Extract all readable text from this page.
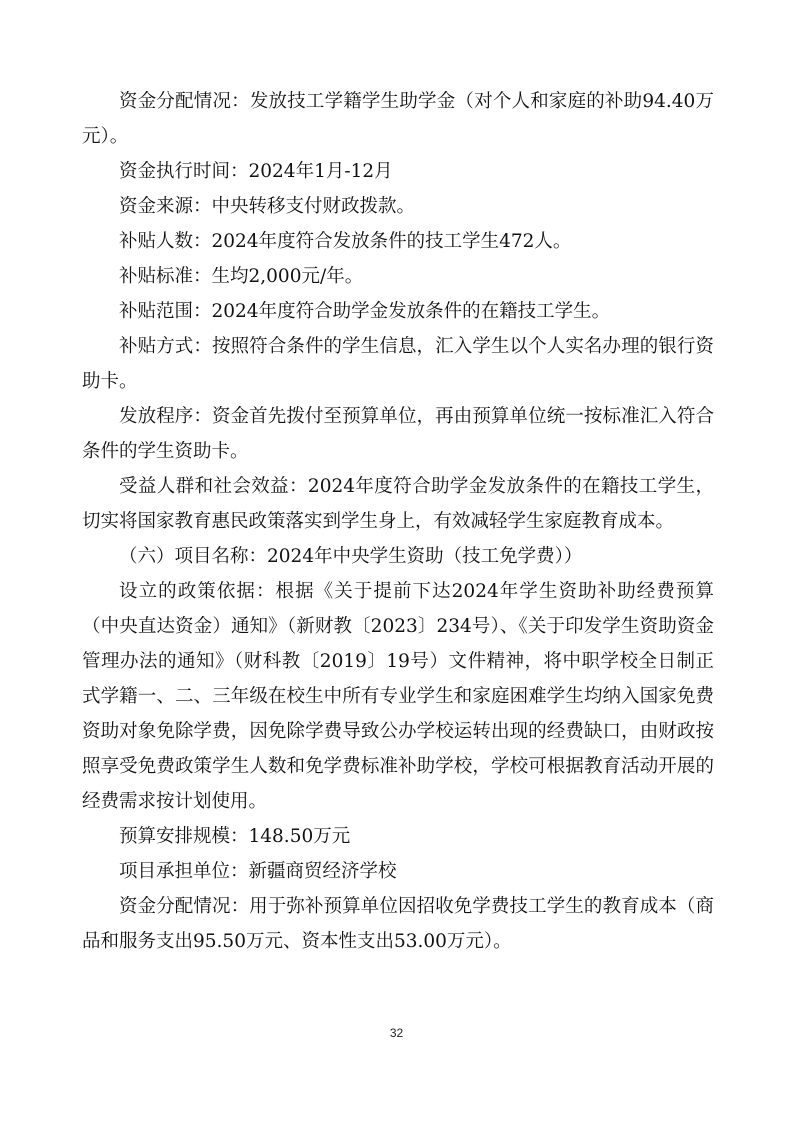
资金分配情况：发放技工学籍学生助学金（对个人和家庭的补助94.40万元）。

资金执行时间：2024年1月-12月

资金来源：中央转移支付财政拨款。

补贴人数：2024年度符合发放条件的技工学生472人。

补贴标准：生均2,000元/年。

补贴范围：2024年度符合助学金发放条件的在籍技工学生。

补贴方式：按照符合条件的学生信息，汇入学生以个人实名办理的银行资助卡。

发放程序：资金首先拨付至预算单位，再由预算单位统一按标准汇入符合条件的学生资助卡。

受益人群和社会效益：2024年度符合助学金发放条件的在籍技工学生，切实将国家教育惠民政策落实到学生身上，有效减轻学生家庭教育成本。

（六）项目名称：2024年中央学生资助（技工免学费））

设立的政策依据：根据《关于提前下达2024年学生资助补助经费预算（中央直达资金）通知》（新财教〔2023〕234号）、《关于印发学生资助资金管理办法的通知》（财科教〔2019〕19号）文件精神，将中职学校全日制正式学籍一、二、三年级在校生中所有专业学生和家庭困难学生均纳入国家免费资助对象免除学费，因免除学费导致公办学校运转出现的经费缺口，由财政按照享受免费政策学生人数和免学费标准补助学校，学校可根据教育活动开展的经费需求按计划使用。

预算安排规模：148.50万元

项目承担单位：新疆商贸经济学校

资金分配情况：用于弥补预算单位因招收免学费技工学生的教育成本（商品和服务支出95.50万元、资本性支出53.00万元）。

32
